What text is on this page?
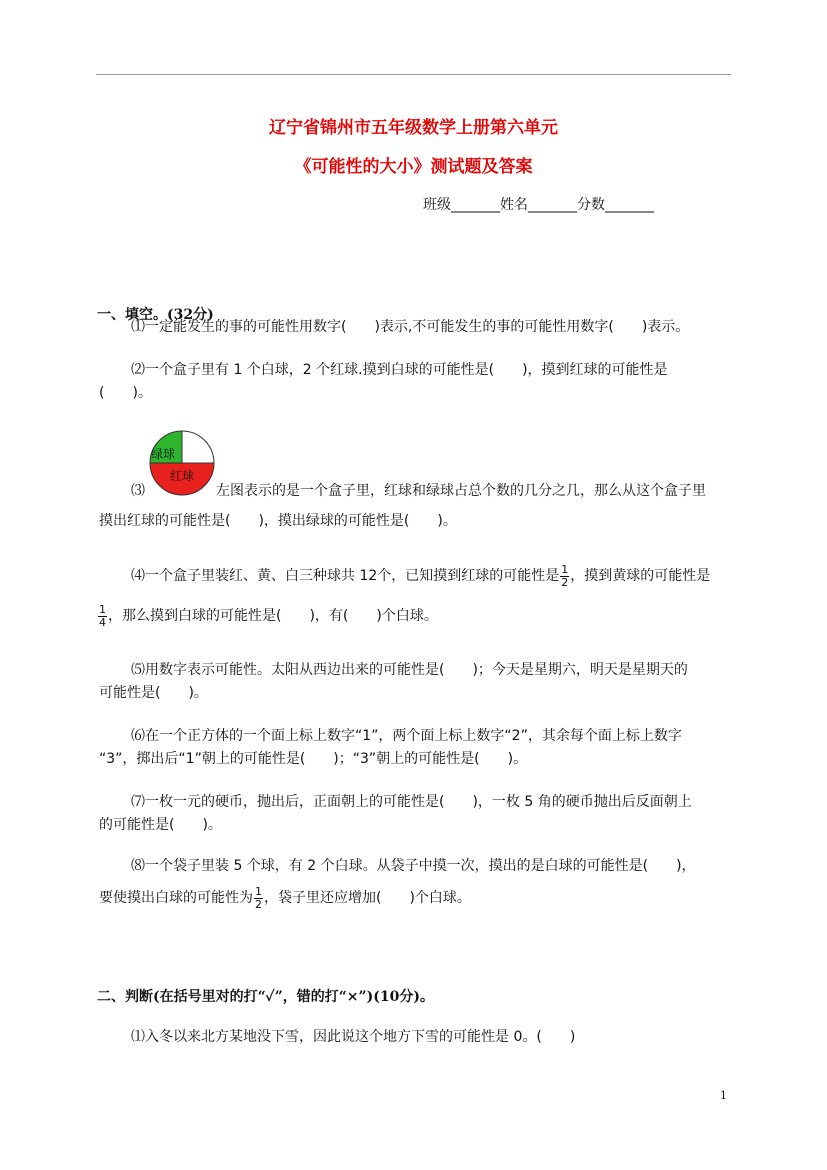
辽宁省锦州市五年级数学上册第六单元
《可能性的大小》测试题及答案
班级_______姓名_______分数_______
一、填空。(32分)
⑴一定能发生的事的可能性用数字(　　)表示,不可能发生的事的可能性用数字(　　)表示。
⑵一个盒子里有 1 个白球，2 个红球.摸到白球的可能性是(　　)，摸到红球的可能性是
(　　)。
绿球
红球
⑶	左图表示的是一个盒子里，红球和绿球占总个数的几分之几，那么从这个盒子里
摸出红球的可能性是(　　)，摸出绿球的可能性是(　　)。
⑷一个盒子里装红、黄、白三种球共 12个，已知摸到红球的可能性是 $\frac{1}{2}$ ，摸到黄球的可能性是
$\frac{1}{4}$ ，那么摸到白球的可能性是(　　)，有(　　)个白球。
⑸用数字表示可能性。太阳从西边出来的可能性是(　　)；今天是星期六，明天是星期天的
可能性是(　　)。
⑹在一个正方体的一个面上标上数字“1”，两个面上标上数字“2”，其余每个面上标上数字
“3”，掷出后“1”朝上的可能性是(　　)；“3”朝上的可能性是(　　)。
⑺一枚一元的硬币，抛出后，正面朝上的可能性是(　　)，一枚 5 角的硬币抛出后反面朝上
的可能性是(　　)。
⑻一个袋子里装 5 个球，有 2 个白球。从袋子中摸一次，摸出的是白球的可能性是(　　)，
要使摸出白球的可能性为 $\frac{1}{2}$ ，袋子里还应增加(　　)个白球。
二、判断(在括号里对的打“✓”，错的打“×”)(10分)。
⑴入冬以来北方某地没下雪，因此说这个地方下雪的可能性是 0。(　　)
1
